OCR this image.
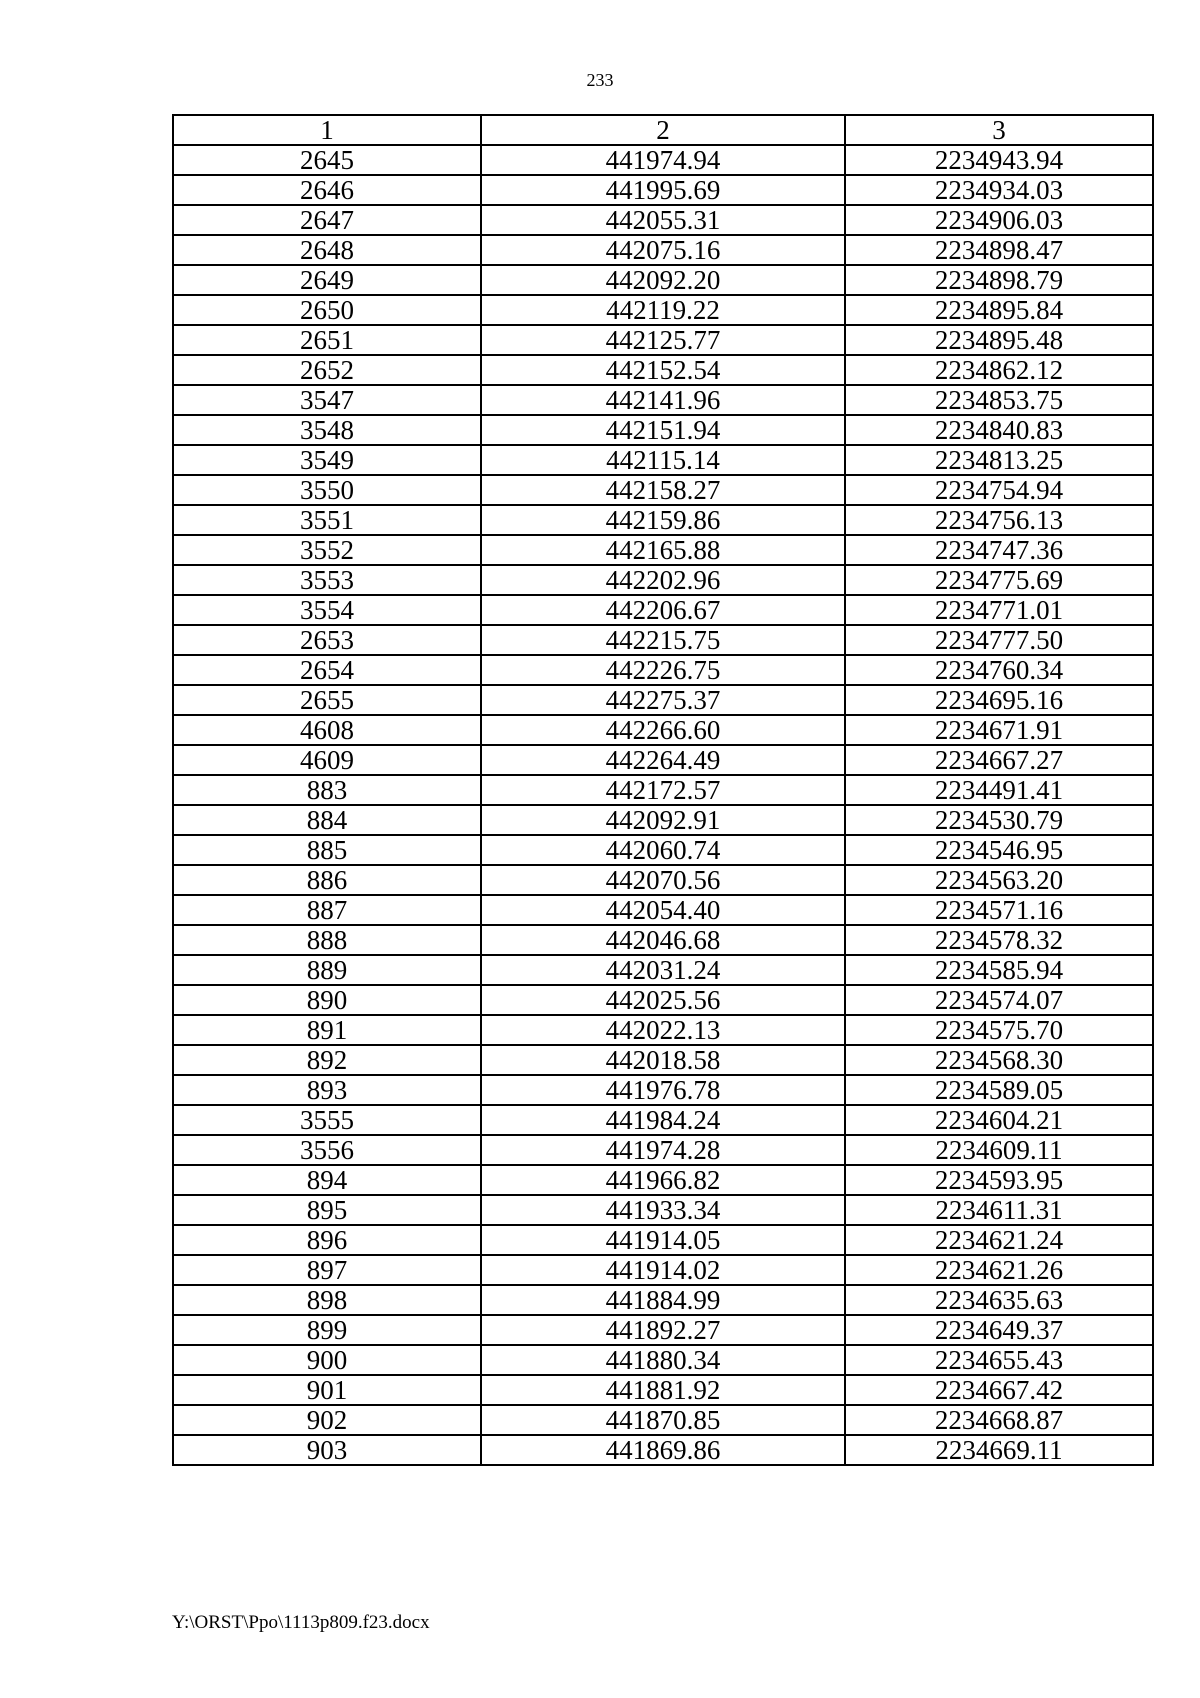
233
1	2	3
2645	441974.94	2234943.94
2646	441995.69	2234934.03
2647	442055.31	2234906.03
2648	442075.16	2234898.47
2649	442092.20	2234898.79
2650	442119.22	2234895.84
2651	442125.77	2234895.48
2652	442152.54	2234862.12
3547	442141.96	2234853.75
3548	442151.94	2234840.83
3549	442115.14	2234813.25
3550	442158.27	2234754.94
3551	442159.86	2234756.13
3552	442165.88	2234747.36
3553	442202.96	2234775.69
3554	442206.67	2234771.01
2653	442215.75	2234777.50
2654	442226.75	2234760.34
2655	442275.37	2234695.16
4608	442266.60	2234671.91
4609	442264.49	2234667.27
883	442172.57	2234491.41
884	442092.91	2234530.79
885	442060.74	2234546.95
886	442070.56	2234563.20
887	442054.40	2234571.16
888	442046.68	2234578.32
889	442031.24	2234585.94
890	442025.56	2234574.07
891	442022.13	2234575.70
892	442018.58	2234568.30
893	441976.78	2234589.05
3555	441984.24	2234604.21
3556	441974.28	2234609.11
894	441966.82	2234593.95
895	441933.34	2234611.31
896	441914.05	2234621.24
897	441914.02	2234621.26
898	441884.99	2234635.63
899	441892.27	2234649.37
900	441880.34	2234655.43
901	441881.92	2234667.42
902	441870.85	2234668.87
903	441869.86	2234669.11
Y:\ORST\Ppo\1113p809.f23.docx
